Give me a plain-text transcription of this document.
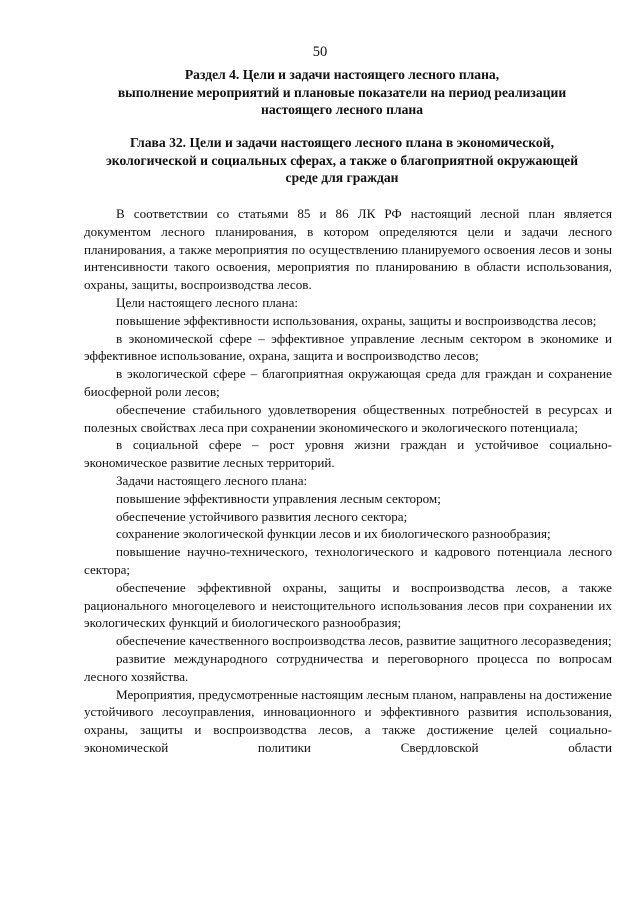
50
Раздел 4. Цели и задачи настоящего лесного плана,
выполнение мероприятий и плановые показатели на период реализации
настоящего лесного плана
Глава 32. Цели и задачи настоящего лесного плана в экономической,
экологической и социальных сферах, а также о благоприятной окружающей
среде для граждан

В соответствии со статьями 85 и 86 ЛК РФ настоящий лесной план является документом лесного планирования, в котором определяются цели и задачи лесного планирования, а также мероприятия по осуществлению планируемого освоения лесов и зоны интенсивности такого освоения, мероприятия по планированию в области использования, охраны, защиты, воспроизводства лесов.

Цели настоящего лесного плана:

повышение эффективности использования, охраны, защиты и воспроизводства лесов;

в экономической сфере – эффективное управление лесным сектором в экономике и эффективное использование, охрана, защита и воспроизводство лесов;

в экологической сфере – благоприятная окружающая среда для граждан и сохранение биосферной роли лесов;

обеспечение стабильного удовлетворения общественных потребностей в ресурсах и полезных свойствах леса при сохранении экономического и экологического потенциала;

в социальной сфере – рост уровня жизни граждан и устойчивое социально-экономическое развитие лесных территорий.

Задачи настоящего лесного плана:

повышение эффективности управления лесным сектором;

обеспечение устойчивого развития лесного сектора;

сохранение экологической функции лесов и их биологического разнообразия;

повышение научно-технического, технологического и кадрового потенциала лесного сектора;

обеспечение эффективной охраны, защиты и воспроизводства лесов, а также рационального многоцелевого и неистощительного использования лесов при сохранении их экологических функций и биологического разнообразия;

обеспечение качественного воспроизводства лесов, развитие защитного лесоразведения;

развитие международного сотрудничества и переговорного процесса по вопросам лесного хозяйства.

Мероприятия, предусмотренные настоящим лесным планом, направлены на достижение устойчивого лесоуправления, инновационного и эффективного развития использования, охраны, защиты и воспроизводства лесов, а также достижение целей социально-экономической политики Свердловской области
